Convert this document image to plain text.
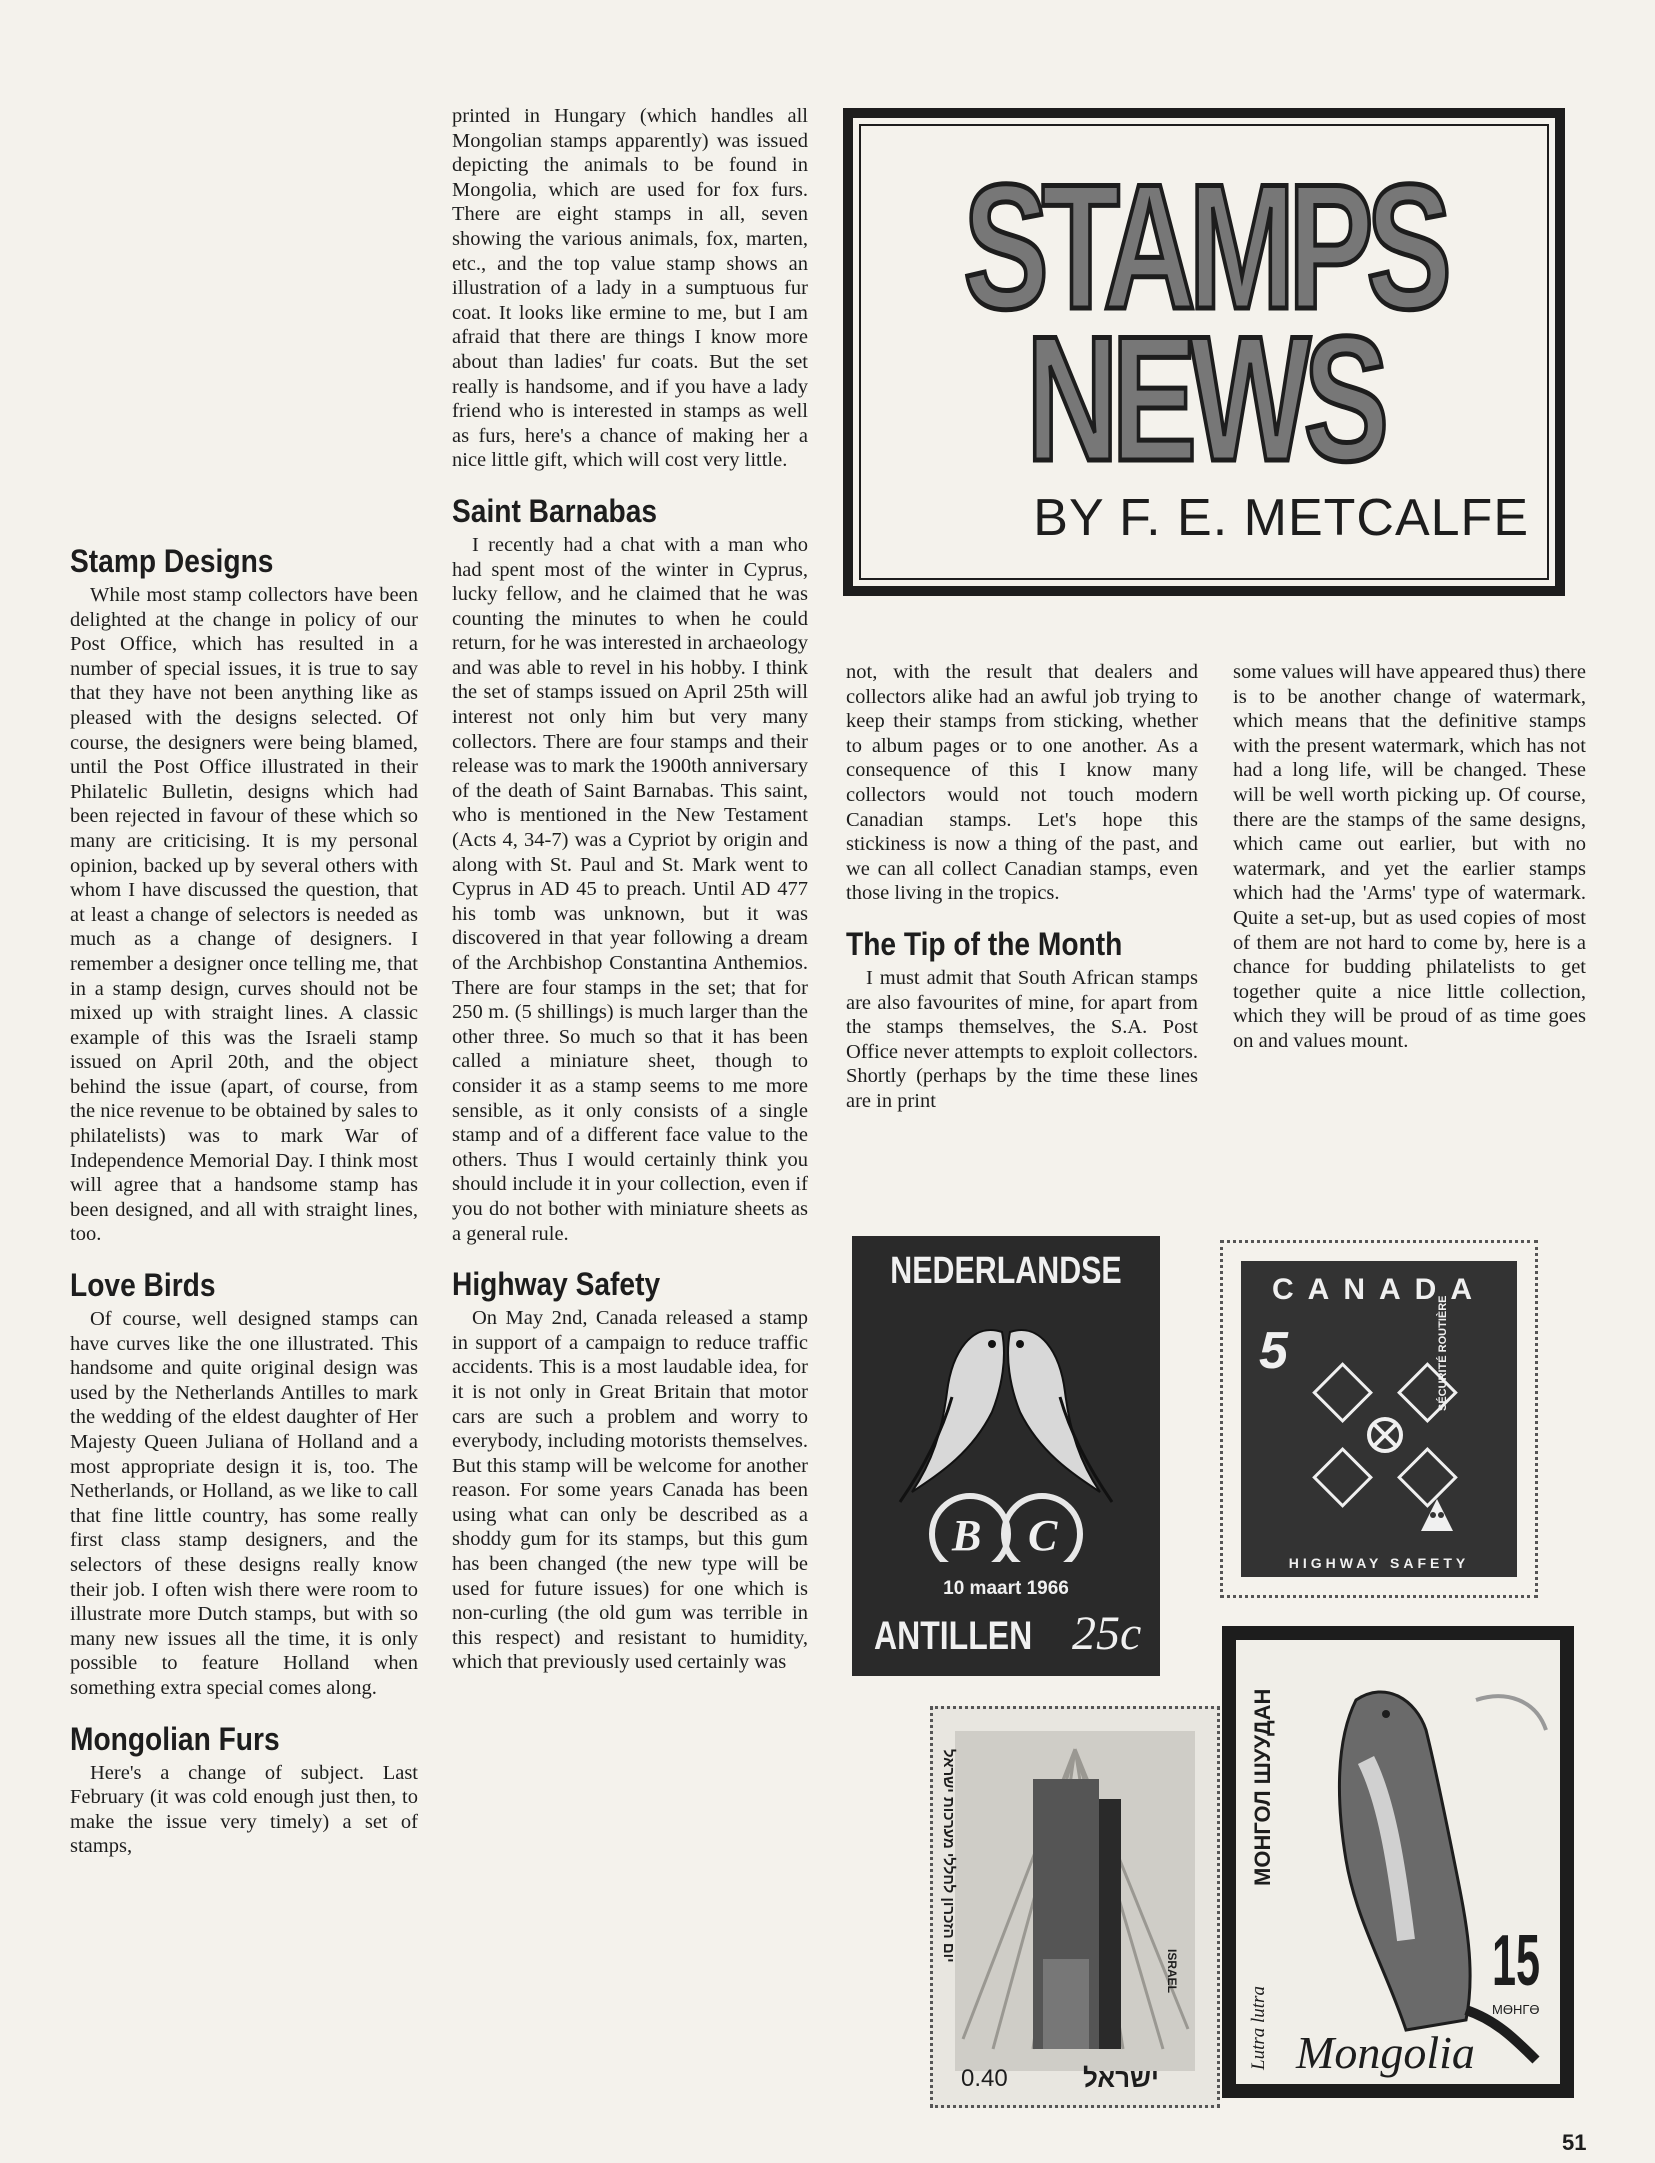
Stamp Designs

While most stamp collectors have been delighted at the change in policy of our Post Office, which has resulted in a number of special issues, it is true to say that they have not been anything like as pleased with the designs selected. Of course, the designers were being blamed, until the Post Office illustrated in their Philatelic Bulletin, designs which had been rejected in favour of these which so many are criticising. It is my personal opinion, backed up by several others with whom I have discussed the question, that at least a change of selectors is needed as much as a change of designers. I remember a designer once telling me, that in a stamp design, curves should not be mixed up with straight lines. A classic example of this was the Israeli stamp issued on April 20th, and the object behind the issue (apart, of course, from the nice revenue to be obtained by sales to philatelists) was to mark War of Independence Memorial Day. I think most will agree that a handsome stamp has been designed, and all with straight lines, too.

Love Birds

Of course, well designed stamps can have curves like the one illustrated. This handsome and quite original design was used by the Netherlands Antilles to mark the wedding of the eldest daughter of Her Majesty Queen Juliana of Holland and a most appropriate design it is, too. The Netherlands, or Holland, as we like to call that fine little country, has some really first class stamp designers, and the selectors of these designs really know their job. I often wish there were room to illustrate more Dutch stamps, but with so many new issues all the time, it is only possible to feature Holland when something extra special comes along.

Mongolian Furs

Here's a change of subject. Last February (it was cold enough just then, to make the issue very timely) a set of stamps,

printed in Hungary (which handles all Mongolian stamps apparently) was issued depicting the animals to be found in Mongolia, which are used for fox furs. There are eight stamps in all, seven showing the various animals, fox, marten, etc., and the top value stamp shows an illustration of a lady in a sumptuous fur coat. It looks like ermine to me, but I am afraid that there are things I know more about than ladies' fur coats. But the set really is handsome, and if you have a lady friend who is interested in stamps as well as furs, here's a chance of making her a nice little gift, which will cost very little.

Saint Barnabas

I recently had a chat with a man who had spent most of the winter in Cyprus, lucky fellow, and he claimed that he was counting the minutes to when he could return, for he was interested in archaeology and was able to revel in his hobby. I think the set of stamps issued on April 25th will interest not only him but very many collectors. There are four stamps and their release was to mark the 1900th anniversary of the death of Saint Barnabas. This saint, who is mentioned in the New Testament (Acts 4, 34-7) was a Cypriot by origin and along with St. Paul and St. Mark went to Cyprus in AD 45 to preach. Until AD 477 his tomb was unknown, but it was discovered in that year following a dream of the Archbishop Constantina Anthemios. There are four stamps in the set; that for 250 m. (5 shillings) is much larger than the other three. So much so that it has been called a miniature sheet, though to consider it as a stamp seems to me more sensible, as it only consists of a single stamp and of a different face value to the others. Thus I would certainly think you should include it in your collection, even if you do not bother with miniature sheets as a general rule.

Highway Safety

On May 2nd, Canada released a stamp in support of a campaign to reduce traffic accidents. This is a most laudable idea, for it is not only in Great Britain that motor cars are such a problem and worry to everybody, including motorists themselves. But this stamp will be welcome for another reason. For some years Canada has been using what can only be described as a shoddy gum for its stamps, but this gum has been changed (the new type will be used for future issues) for one which is non-curling (the old gum was terrible in this respect) and resistant to humidity, which that previously used certainly was

STAMPS
NEWS
BY F. E. METCALFE

not, with the result that dealers and collectors alike had an awful job trying to keep their stamps from sticking, whether to album pages or to one another. As a consequence of this I know many collectors would not touch modern Canadian stamps. Let's hope this stickiness is now a thing of the past, and we can all collect Canadian stamps, even those living in the tropics.

The Tip of the Month

I must admit that South African stamps are also favourites of mine, for apart from the stamps themselves, the S.A. Post Office never attempts to exploit collectors. Shortly (perhaps by the time these lines are in print

some values will have appeared thus) there is to be another change of watermark, which means that the definitive stamps with the present watermark, which has not had a long life, will be changed. These will be well worth picking up. Of course, there are the stamps of the same designs, which came out earlier, but with no watermark, and yet the earlier stamps which had the 'Arms' type of watermark. Quite a set-up, but as used copies of most of them are not hard to come by, here is a chance for budding philatelists to get together quite a nice little collection, which they will be proud of as time goes on and values mount.

NEDERLANDSE
B C
10 maart 1966
ANTILLEN 25c
CANADA
5
HIGHWAY SAFETY
SÉCURITÉ ROUTIÈRE
0.40	ישראל
ISRAEL
יום הזכרון לחללי מערכות ישראל	МОНГОЛ ШУУДАН
15
МӨНГӨ
Lutra lutra Mongolia
51
